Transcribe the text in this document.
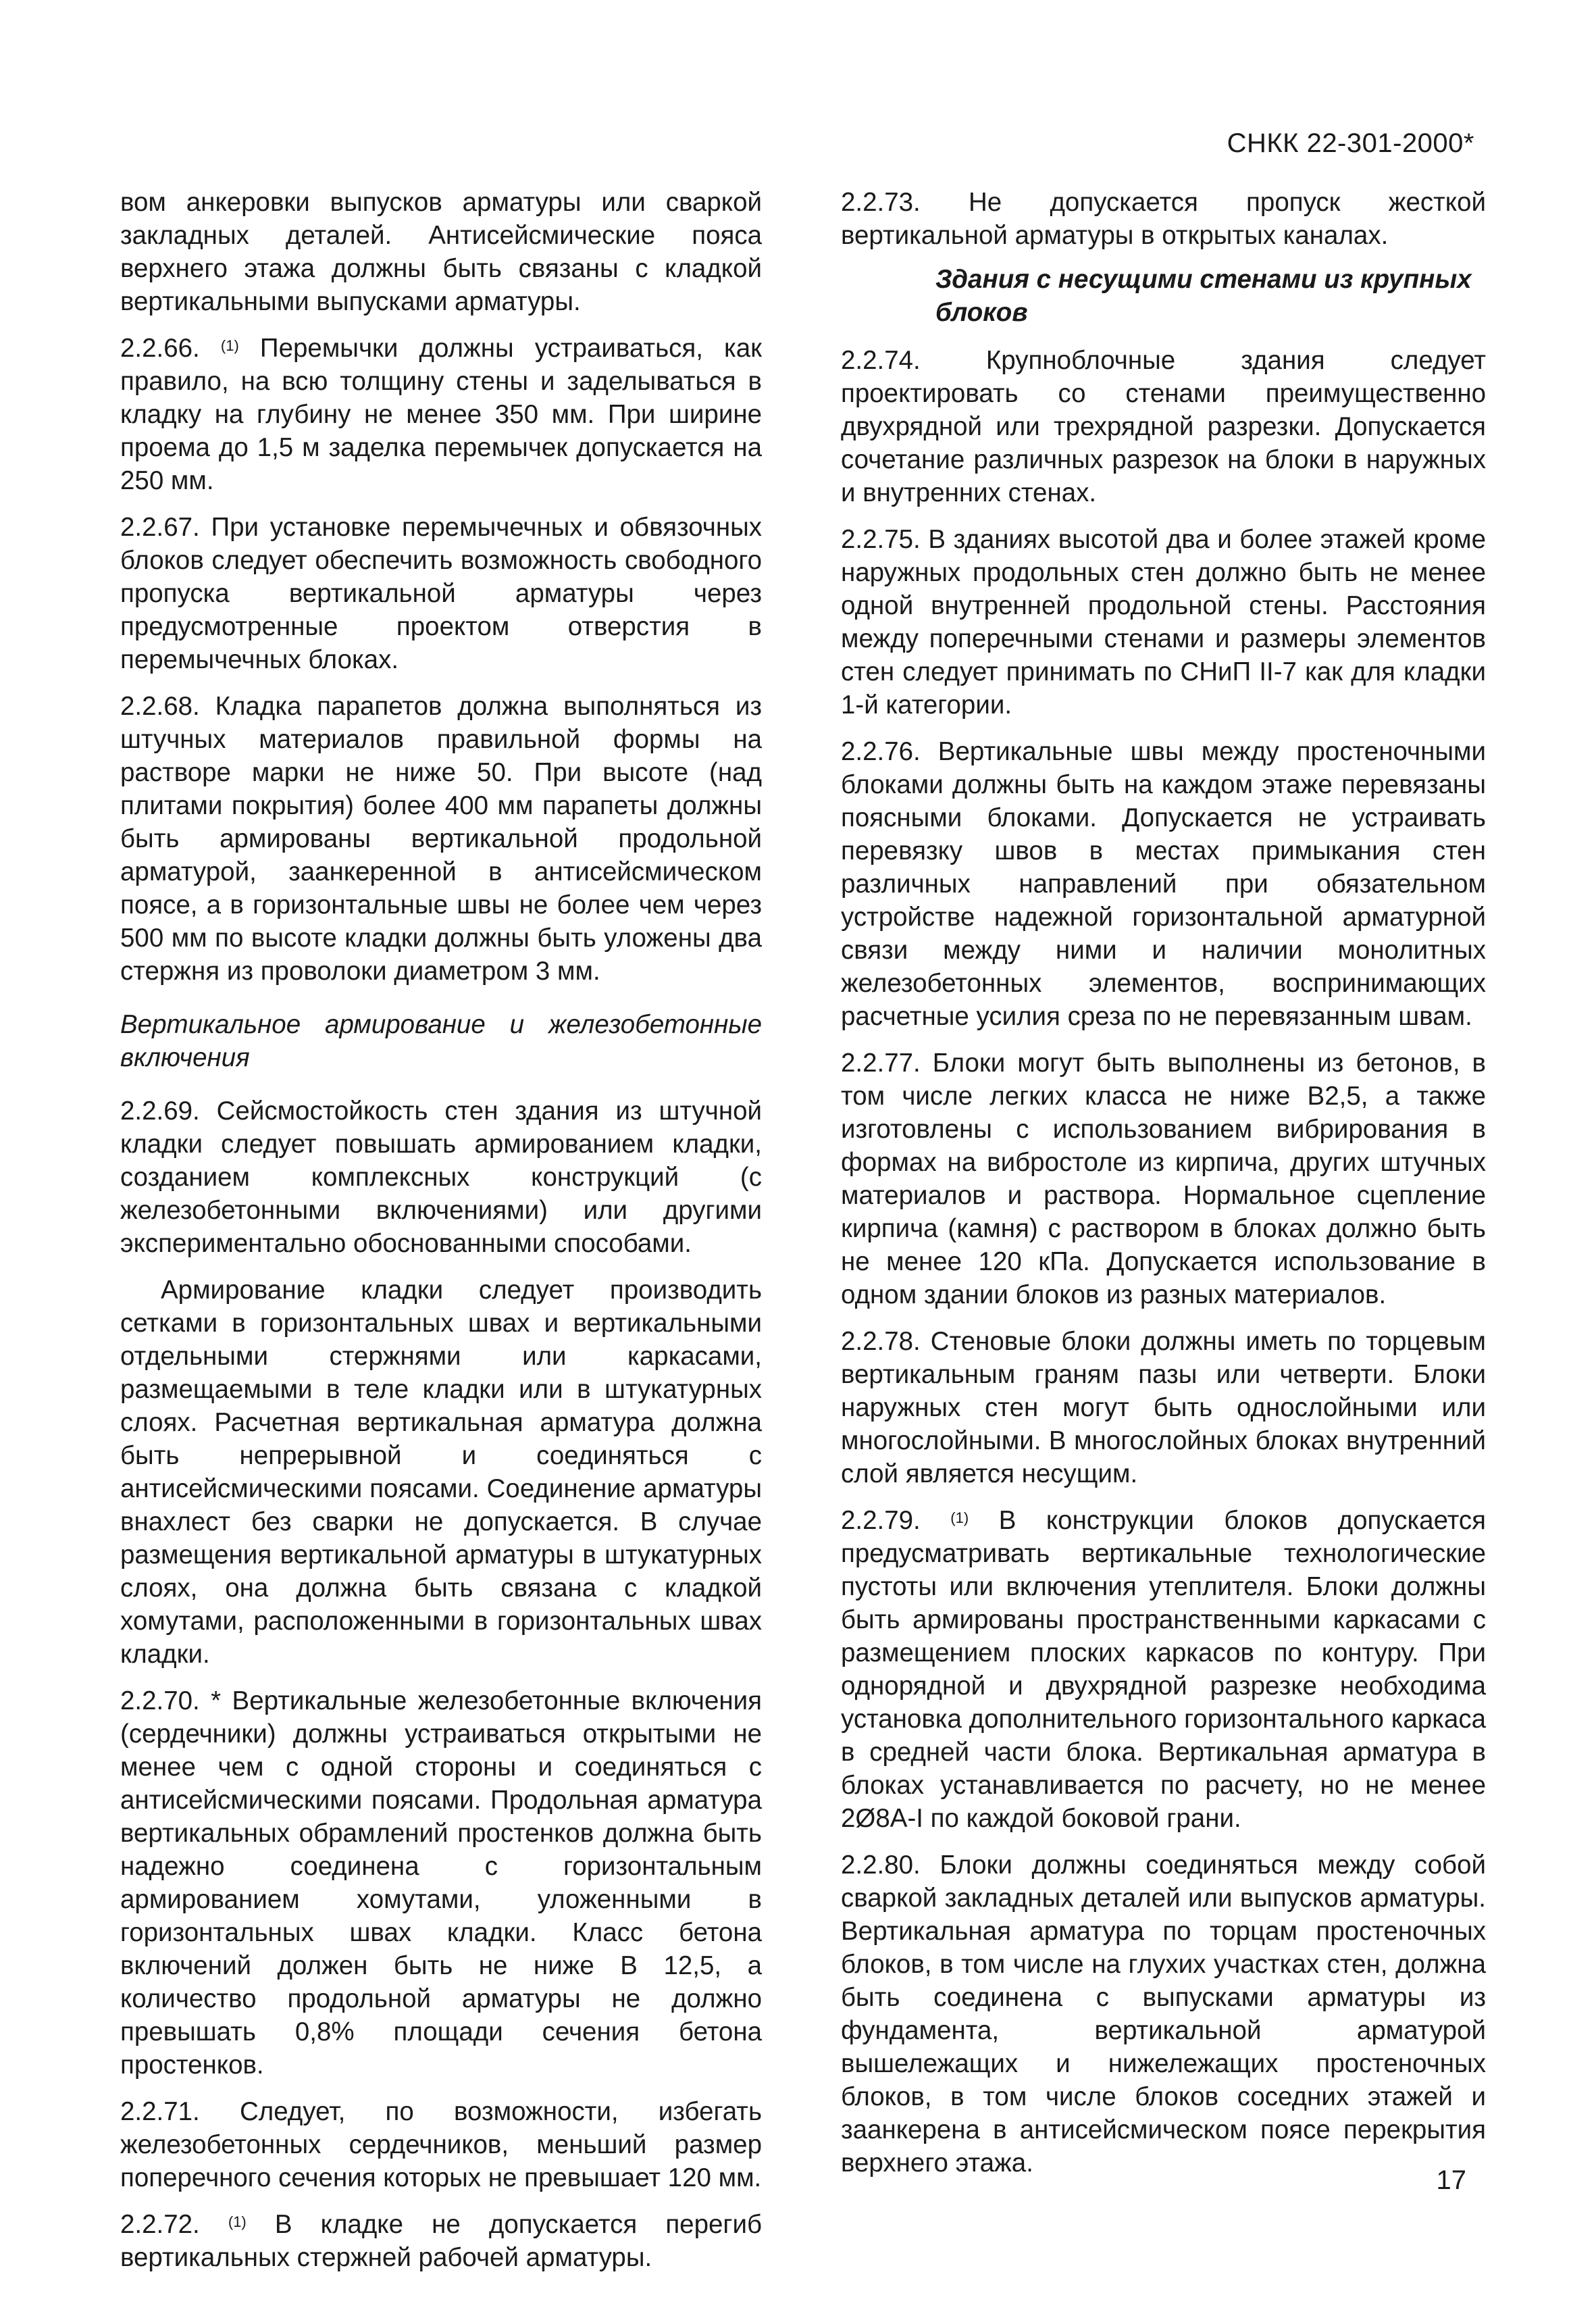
СНКК 22-301-2000*

вом анкеровки выпусков арматуры или сваркой закладных деталей. Антисейсмические пояса верхнего этажа должны быть связаны с кладкой вертикальными выпусками арматуры.

2.2.66. $^{(1)}$ Перемычки должны устраиваться, как правило, на всю толщину стены и заделываться в кладку на глубину не менее 350 мм. При ширине проема до 1,5 м заделка перемычек допускается на 250 мм.

2.2.67. При установке перемычечных и обвязочных блоков следует обеспечить возможность свободного пропуска вертикальной арматуры через предусмотренные проектом отверстия в перемычечных блоках.

2.2.68. Кладка парапетов должна выполняться из штучных материалов правильной формы на растворе марки не ниже 50. При высоте (над плитами покрытия) более 400 мм парапеты должны быть армированы вертикальной продольной арматурой, заанкеренной в антисейсмическом поясе, а в горизонтальные швы не более чем через 500 мм по высоте кладки должны быть уложены два стержня из проволоки диаметром 3 мм.

Вертикальное армирование и железобетонные включения

2.2.69. Сейсмостойкость стен здания из штучной кладки следует повышать армированием кладки, созданием комплексных конструкций (с железобетонными включениями) или другими экспериментально обоснованными способами.

Армирование кладки следует производить сетками в горизонтальных швах и вертикальными отдельными стержнями или каркасами, размещаемыми в теле кладки или в штукатурных слоях. Расчетная вертикальная арматура должна быть непрерывной и соединяться с антисейсмическими поясами. Соединение арматуры внахлест без сварки не допускается. В случае размещения вертикальной арматуры в штукатурных слоях, она должна быть связана с кладкой хомутами, расположенными в горизонтальных швах кладки.

2.2.70. * Вертикальные железобетонные включения (сердечники) должны устраиваться открытыми не менее чем с одной стороны и соединяться с антисейсмическими поясами. Продольная арматура вертикальных обрамлений простенков должна быть надежно соединена с горизонтальным армированием хомутами, уложенными в горизонтальных швах кладки. Класс бетона включений должен быть не ниже В 12,5, а количество продольной арматуры не должно превышать 0,8% площади сечения бетона простенков.

2.2.71. Следует, по возможности, избегать железобетонных сердечников, меньший размер поперечного сечения которых не превышает 120 мм.

2.2.72. $^{(1)}$ В кладке не допускается перегиб вертикальных стержней рабочей арматуры.

2.2.73. Не допускается пропуск жесткой вертикальной арматуры в открытых каналах.

Здания с несущими стенами из крупных блоков

2.2.74. Крупноблочные здания следует проектировать со стенами преимущественно двухрядной или трехрядной разрезки. Допускается сочетание различных разрезок на блоки в наружных и внутренних стенах.

2.2.75. В зданиях высотой два и более этажей кроме наружных продольных стен должно быть не менее одной внутренней продольной стены. Расстояния между поперечными стенами и размеры элементов стен следует принимать по СНиП II-7 как для кладки 1-й категории.

2.2.76. Вертикальные швы между простеночными блоками должны быть на каждом этаже перевязаны поясными блоками. Допускается не устраивать перевязку швов в местах примыкания стен различных направлений при обязательном устройстве надежной горизонтальной арматурной связи между ними и наличии монолитных железобетонных элементов, воспринимающих расчетные усилия среза по не перевязанным швам.

2.2.77. Блоки могут быть выполнены из бетонов, в том числе легких класса не ниже В2,5, а также изготовлены с использованием вибрирования в формах на вибростоле из кирпича, других штучных материалов и раствора. Нормальное сцепление кирпича (камня) с раствором в блоках должно быть не менее 120 кПа. Допускается использование в одном здании блоков из разных материалов.

2.2.78. Стеновые блоки должны иметь по торцевым вертикальным граням пазы или четверти. Блоки наружных стен могут быть однослойными или многослойными. В многослойных блоках внутренний слой является несущим.

2.2.79. $^{(1)}$ В конструкции блоков допускается предусматривать вертикальные технологические пустоты или включения утеплителя. Блоки должны быть армированы пространственными каркасами с размещением плоских каркасов по контуру. При однорядной и двухрядной разрезке необходима установка дополнительного горизонтального каркаса в средней части блока. Вертикальная арматура в блоках устанавливается по расчету, но не менее 2Ø8А-I по каждой боковой грани.

2.2.80. Блоки должны соединяться между собой сваркой закладных деталей или выпусков арматуры. Вертикальная арматура по торцам простеночных блоков, в том числе на глухих участках стен, должна быть соединена с выпусками арматуры из фундамента, вертикальной арматурой вышележащих и нижележащих простеночных блоков, в том числе блоков соседних этажей и заанкерена в антисейсмическом поясе перекрытия верхнего этажа.

17
